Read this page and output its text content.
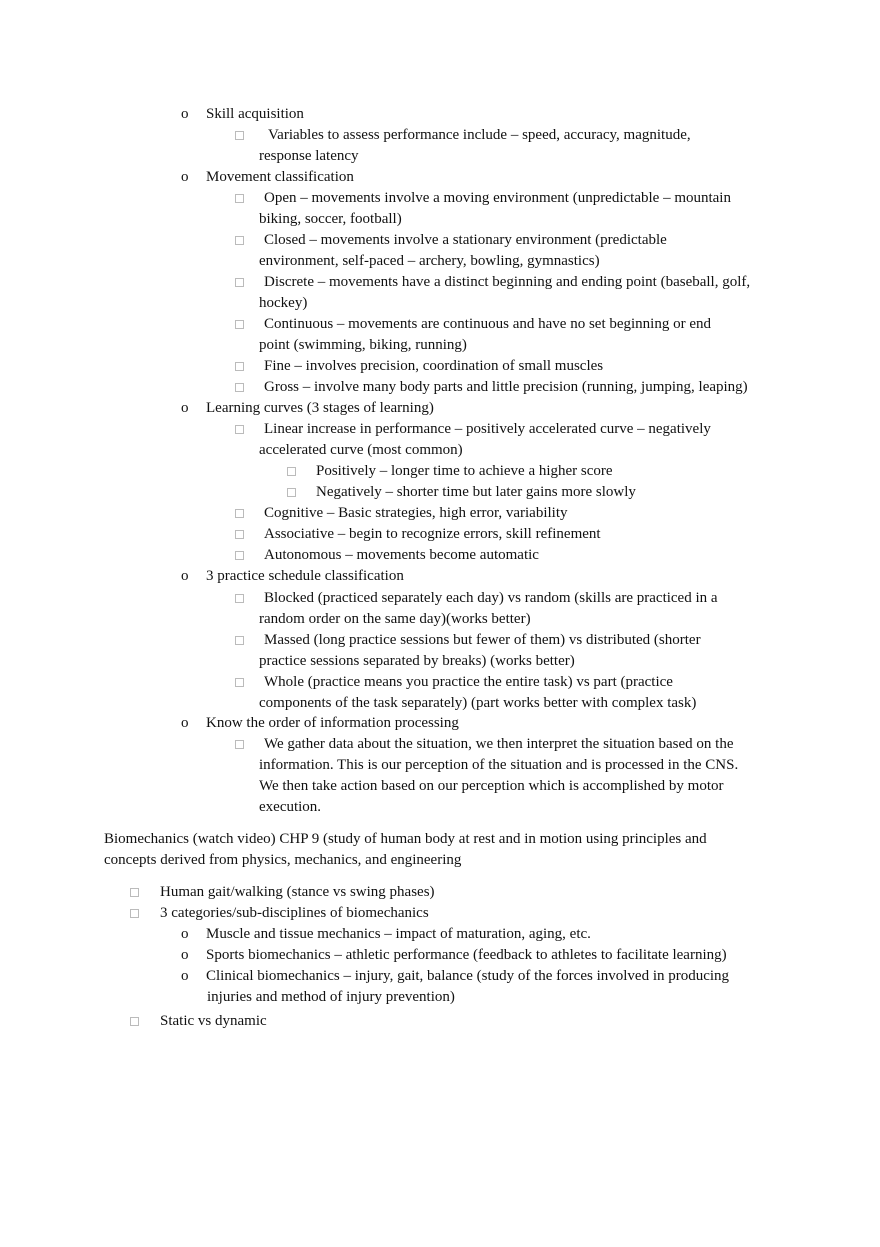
o Skill acquisition
Variables to assess performance include – speed, accuracy, magnitude,
response latency
o Movement classification
Open – movements involve a moving environment (unpredictable – mountain
biking, soccer, football)
Closed – movements involve a stationary environment (predictable
environment, self-paced – archery, bowling, gymnastics)
Discrete – movements have a distinct beginning and ending point (baseball, golf,
hockey)
Continuous – movements are continuous and have no set beginning or end
point (swimming, biking, running)
Fine – involves precision, coordination of small muscles
Gross – involve many body parts and little precision (running, jumping, leaping)
o Learning curves (3 stages of learning)
Linear increase in performance – positively accelerated curve – negatively
accelerated curve (most common)
Positively – longer time to achieve a higher score
Negatively – shorter time but later gains more slowly
Cognitive – Basic strategies, high error, variability
Associative – begin to recognize errors, skill refinement
Autonomous – movements become automatic
o 3 practice schedule classification
Blocked (practiced separately each day) vs random (skills are practiced in a
random order on the same day)(works better)
Massed (long practice sessions but fewer of them) vs distributed (shorter
practice sessions separated by breaks) (works better)
Whole (practice means you practice the entire task) vs part (practice
components of the task separately) (part works better with complex task)
o Know the order of information processing
We gather data about the situation, we then interpret the situation based on the
information. This is our perception of the situation and is processed in the CNS.
We then take action based on our perception which is accomplished by motor
execution.
Biomechanics (watch video) CHP 9 (study of human body at rest and in motion using principles and
concepts derived from physics, mechanics, and engineering
Human gait/walking (stance vs swing phases)
3 categories/sub-disciplines of biomechanics
o Muscle and tissue mechanics – impact of maturation, aging, etc.
o Sports biomechanics – athletic performance (feedback to athletes to facilitate learning)
o Clinical biomechanics – injury, gait, balance (study of the forces involved in producing
injuries and method of injury prevention)
Static vs dynamic
